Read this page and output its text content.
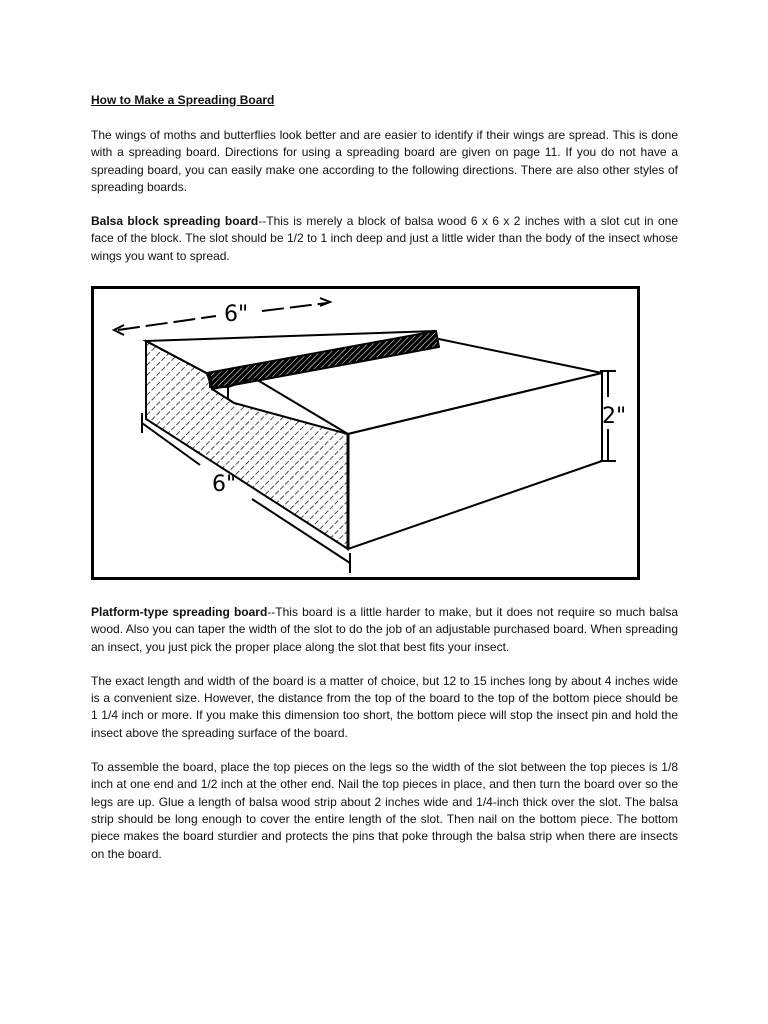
How to Make a Spreading Board

The wings of moths and butterflies look better and are easier to identify if their wings are spread. This is done with a spreading board. Directions for using a spreading board are given on page 11. If you do not have a spreading board, you can easily make one according to the following directions. There are also other styles of spreading boards.

Balsa block spreading board--This is merely a block of balsa wood 6 x 6 x 2 inches with a slot cut in one face of the block. The slot should be 1/2 to 1 inch deep and just a little wider than the body of the insect whose wings you want to spread.

6"
6"
2"

Platform-type spreading board--This board is a little harder to make, but it does not require so much balsa wood. Also you can taper the width of the slot to do the job of an adjustable purchased board. When spreading an insect, you just pick the proper place along the slot that best fits your insect.

The exact length and width of the board is a matter of choice, but 12 to 15 inches long by about 4 inches wide is a convenient size. However, the distance from the top of the board to the top of the bottom piece should be 1 1/4 inch or more. If you make this dimension too short, the bottom piece will stop the insect pin and hold the insect above the spreading surface of the board.

To assemble the board, place the top pieces on the legs so the width of the slot between the top pieces is 1/8 inch at one end and 1/2 inch at the other end. Nail the top pieces in place, and then turn the board over so the legs are up. Glue a length of balsa wood strip about 2 inches wide and 1/4-inch thick over the slot. The balsa strip should be long enough to cover the entire length of the slot. Then nail on the bottom piece. The bottom piece makes the board sturdier and protects the pins that poke through the balsa strip when there are insects on the board.
